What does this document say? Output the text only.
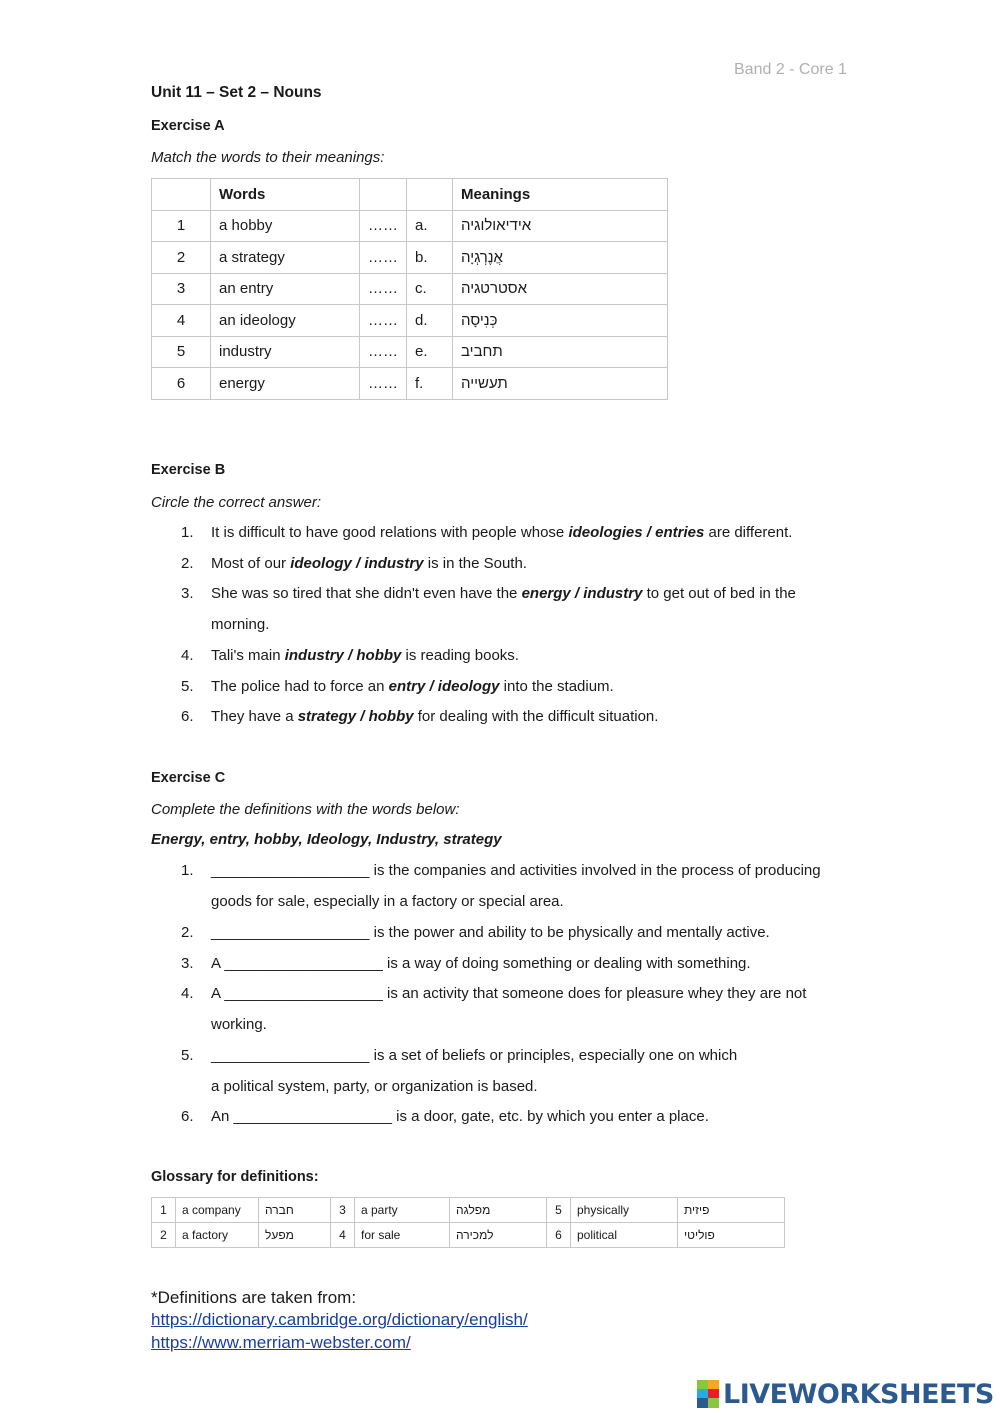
Band 2 - Core 1
Unit 11 – Set 2 – Nouns
Exercise A
Match the words to their meanings:
	Words			Meanings
1	a hobby	……	a.	אידיאולוגיה
2	a strategy	……	b.	אֲנֶרְגְיָה
3	an entry	……	c.	אסטרטגיה
4	an ideology	……	d.	כְּנִיסָה
5	industry	……	e.	תחביב
6	energy	……	f.	תעשייה
Exercise B
Circle the correct answer:
1.	It is difficult to have good relations with people whose ideologies / entries are different.
2.	Most of our ideology / industry is in the South.
3.	She was so tired that she didn't even have the energy / industry to get out of bed in the
morning.
4.	Tali's main industry / hobby is reading books.
5.	The police had to force an entry / ideology into the stadium.
6.	They have a strategy / hobby for dealing with the difficult situation.
Exercise C
Complete the definitions with the words below:
Energy, entry, hobby, Ideology, Industry, strategy
1.	___________________ is the companies and activities involved in the process of producing
goods for sale, especially in a factory or special area.
2.	___________________ is the power and ability to be physically and mentally active.
3.	A ___________________ is a way of doing something or dealing with something.
4.	A ___________________ is an activity that someone does for pleasure whey they are not
working.
5.	___________________ is a set of beliefs or principles, especially one on which
a political system, party, or organization is based.
6.	An ___________________ is a door, gate, etc. by which you enter a place.
Glossary for definitions:
1	a company	חברה	3	a party	מפלגה	5	physically	פיזית
2	a factory	מפעל	4	for sale	למכירה	6	political	פוליטי
*Definitions are taken from:
https://dictionary.cambridge.org/dictionary/english/
https://www.merriam-webster.com/
LIVEWORKSHEETS
